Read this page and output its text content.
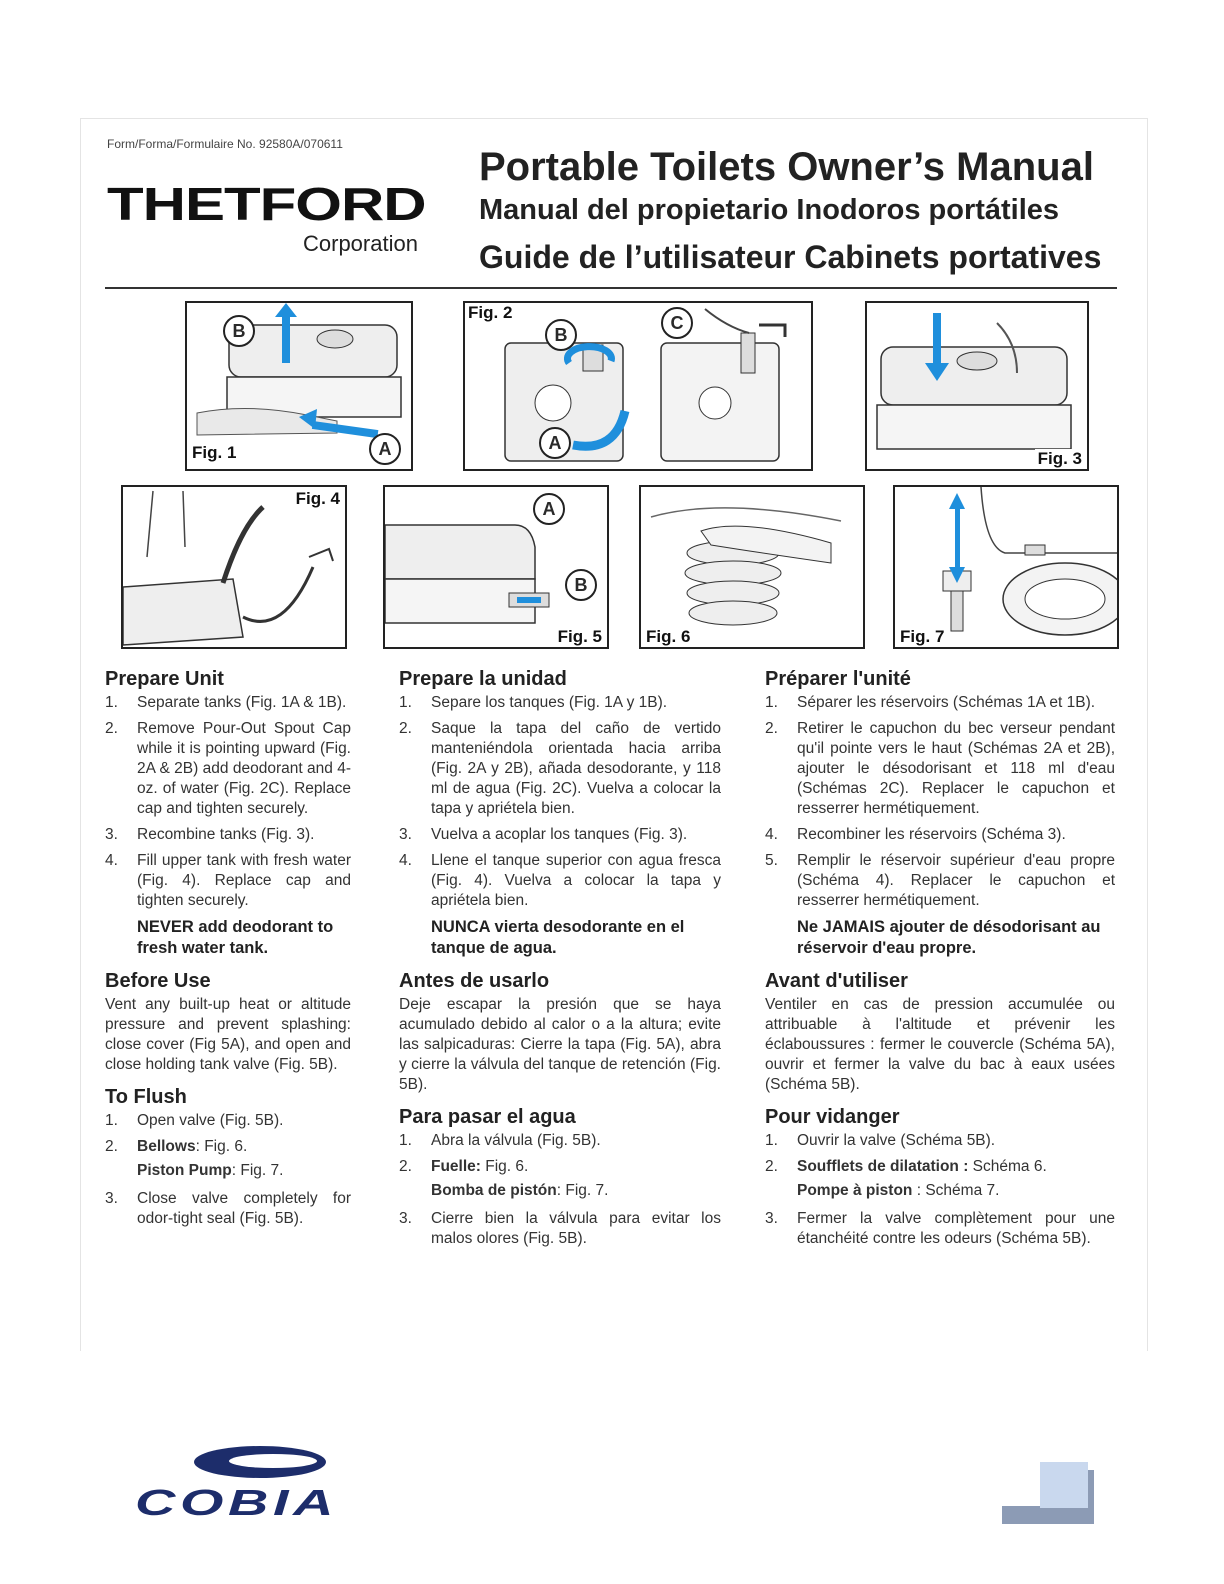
Form/Forma/Formulaire No. 92580A/070611
THETFORD
Corporation
Portable Toilets Owner’s Manual
Manual del propietario Inodoros portátiles
Guide de l’utilisateur Cabinets portatives
B
A
Fig. 1
Fig. 2
B
C
A
Fig. 3
Fig. 4
A
B
Fig. 5	Fig. 6	Fig. 7
Prepare Unit
1. Separate tanks (Fig. 1A & 1B).
2. Remove Pour-Out Spout Cap while it is pointing upward (Fig. 2A & 2B) add deodorant and 4-oz. of water (Fig. 2C). Replace cap and tighten securely.
3. Recombine tanks (Fig. 3).
4. Fill upper tank with fresh water (Fig. 4). Replace cap and tighten securely.
NEVER add deodorant to fresh water tank.
Before Use

Vent any built-up heat or altitude pressure and prevent splashing: close cover (Fig 5A), and open and close holding tank valve (Fig. 5B).

To Flush
1. Open valve (Fig. 5B).
2. Bellows: Fig. 6.
Piston Pump: Fig. 7.
3. Close valve completely for odor-tight seal (Fig. 5B).
Prepare la unidad
1. Separe los tanques (Fig. 1A y 1B).
2. Saque la tapa del caño de vertido manteniéndola orientada hacia arriba (Fig. 2A y 2B), añada desodorante, y 118 ml de agua (Fig. 2C). Vuelva a colocar la tapa y apriétela bien.
3. Vuelva a acoplar los tanques (Fig. 3).
4. Llene el tanque superior con agua fresca (Fig. 4). Vuelva a colocar la tapa y apriétela bien.
NUNCA vierta desodorante en el tanque de agua.
Antes de usarlo

Deje escapar la presión que se haya acumulado debido al calor o a la altura; evite las salpicaduras: Cierre la tapa (Fig. 5A), abra y cierre la válvula del tanque de retención (Fig. 5B).

Para pasar el agua
1. Abra la válvula (Fig. 5B).
2. Fuelle: Fig. 6.
Bomba de pistón: Fig. 7.
3. Cierre bien la válvula para evitar los malos olores (Fig. 5B).
Préparer l'unité
1. Séparer les réservoirs (Schémas 1A et 1B).
2. Retirer le capuchon du bec verseur pendant qu'il pointe vers le haut (Schémas 2A et 2B), ajouter le désodorisant et 118 ml d'eau (Schémas 2C). Replacer le capuchon et resserrer hermétiquement.
4. Recombiner les réservoirs (Schéma 3).
5. Remplir le réservoir supérieur d'eau propre (Schéma 4). Replacer le capuchon et resserrer hermétiquement.
Ne JAMAIS ajouter de désodorisant au réservoir d'eau propre.
Avant d'utiliser

Ventiler en cas de pression accumulée ou attribuable à l'altitude et prévenir les éclaboussures : fermer le couvercle (Schéma 5A), ouvrir et fermer la valve du bac à eaux usées (Schéma 5B).

Pour vidanger
1. Ouvrir la valve (Schéma 5B).
2. Soufflets de dilatation : Schéma 6.
Pompe à piston : Schéma 7.
3. Fermer la valve complètement pour une étanchéité contre les odeurs (Schéma 5B).
COBIA
